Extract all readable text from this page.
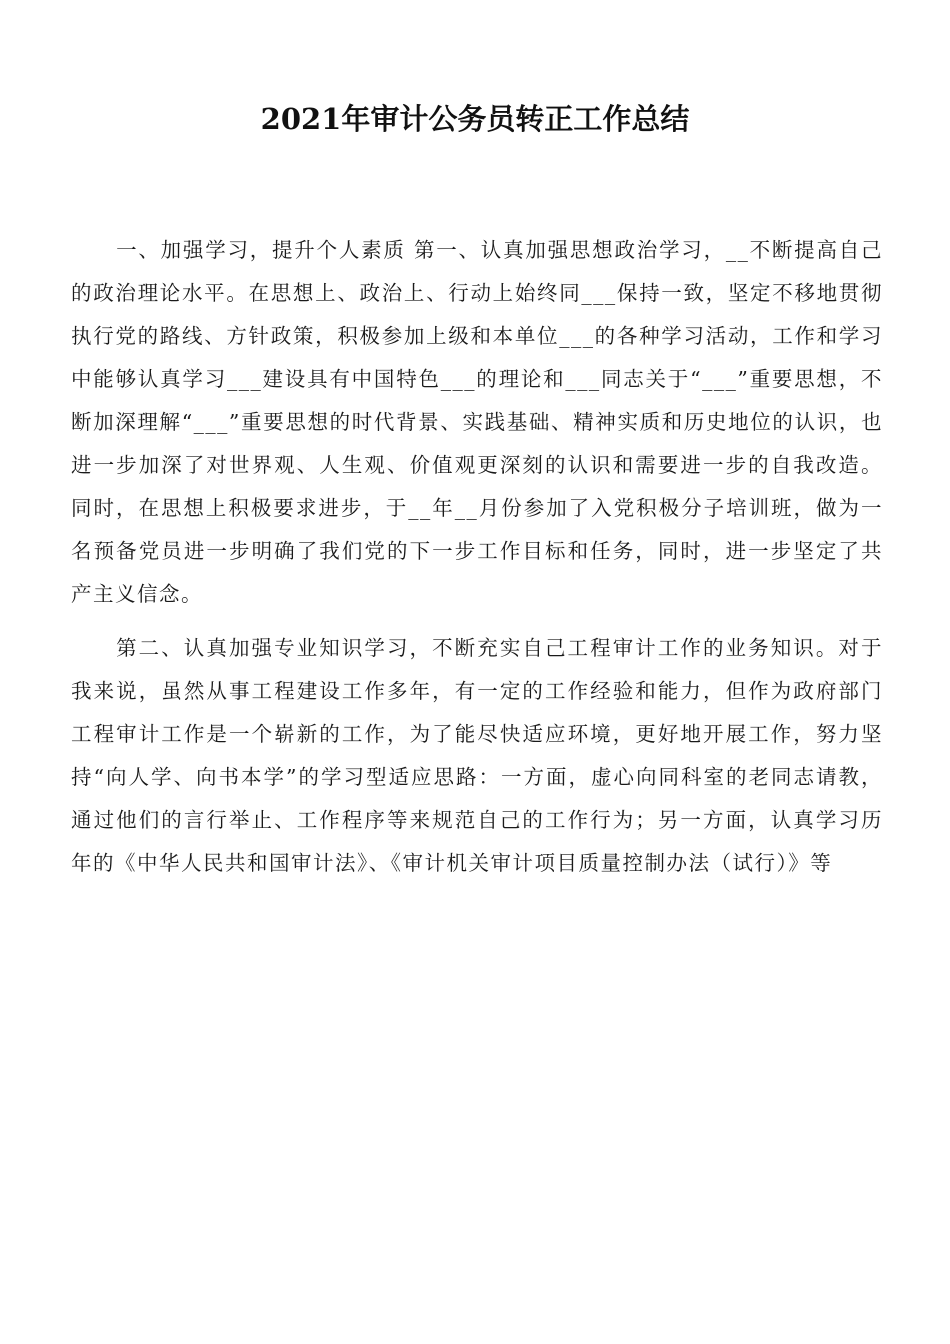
2021年审计公务员转正工作总结

一、加强学习，提升个人素质 第一、认真加强思想政治学习，__不断提高自己的政治理论水平。在思想上、政治上、行动上始终同___保持一致，坚定不移地贯彻执行党的路线、方针政策，积极参加上级和本单位___的各种学习活动，工作和学习中能够认真学习___建设具有中国特色___的理论和___同志关于“___”重要思想，不断加深理解“___”重要思想的时代背景、实践基础、精神实质和历史地位的认识，也进一步加深了对世界观、人生观、价值观更深刻的认识和需要进一步的自我改造。同时，在思想上积极要求进步，于__年__月份参加了入党积极分子培训班，做为一名预备党员进一步明确了我们党的下一步工作目标和任务，同时，进一步坚定了共产主义信念。

第二、认真加强专业知识学习，不断充实自己工程审计工作的业务知识。对于我来说，虽然从事工程建设工作多年，有一定的工作经验和能力，但作为政府部门工程审计工作是一个崭新的工作，为了能尽快适应环境，更好地开展工作，努力坚持“向人学、向书本学”的学习型适应思路：一方面，虚心向同科室的老同志请教，通过他们的言行举止、工作程序等来规范自己的工作行为；另一方面，认真学习历年的《中华人民共和国审计法》、《审计机关审计项目质量控制办法（试行）》等
